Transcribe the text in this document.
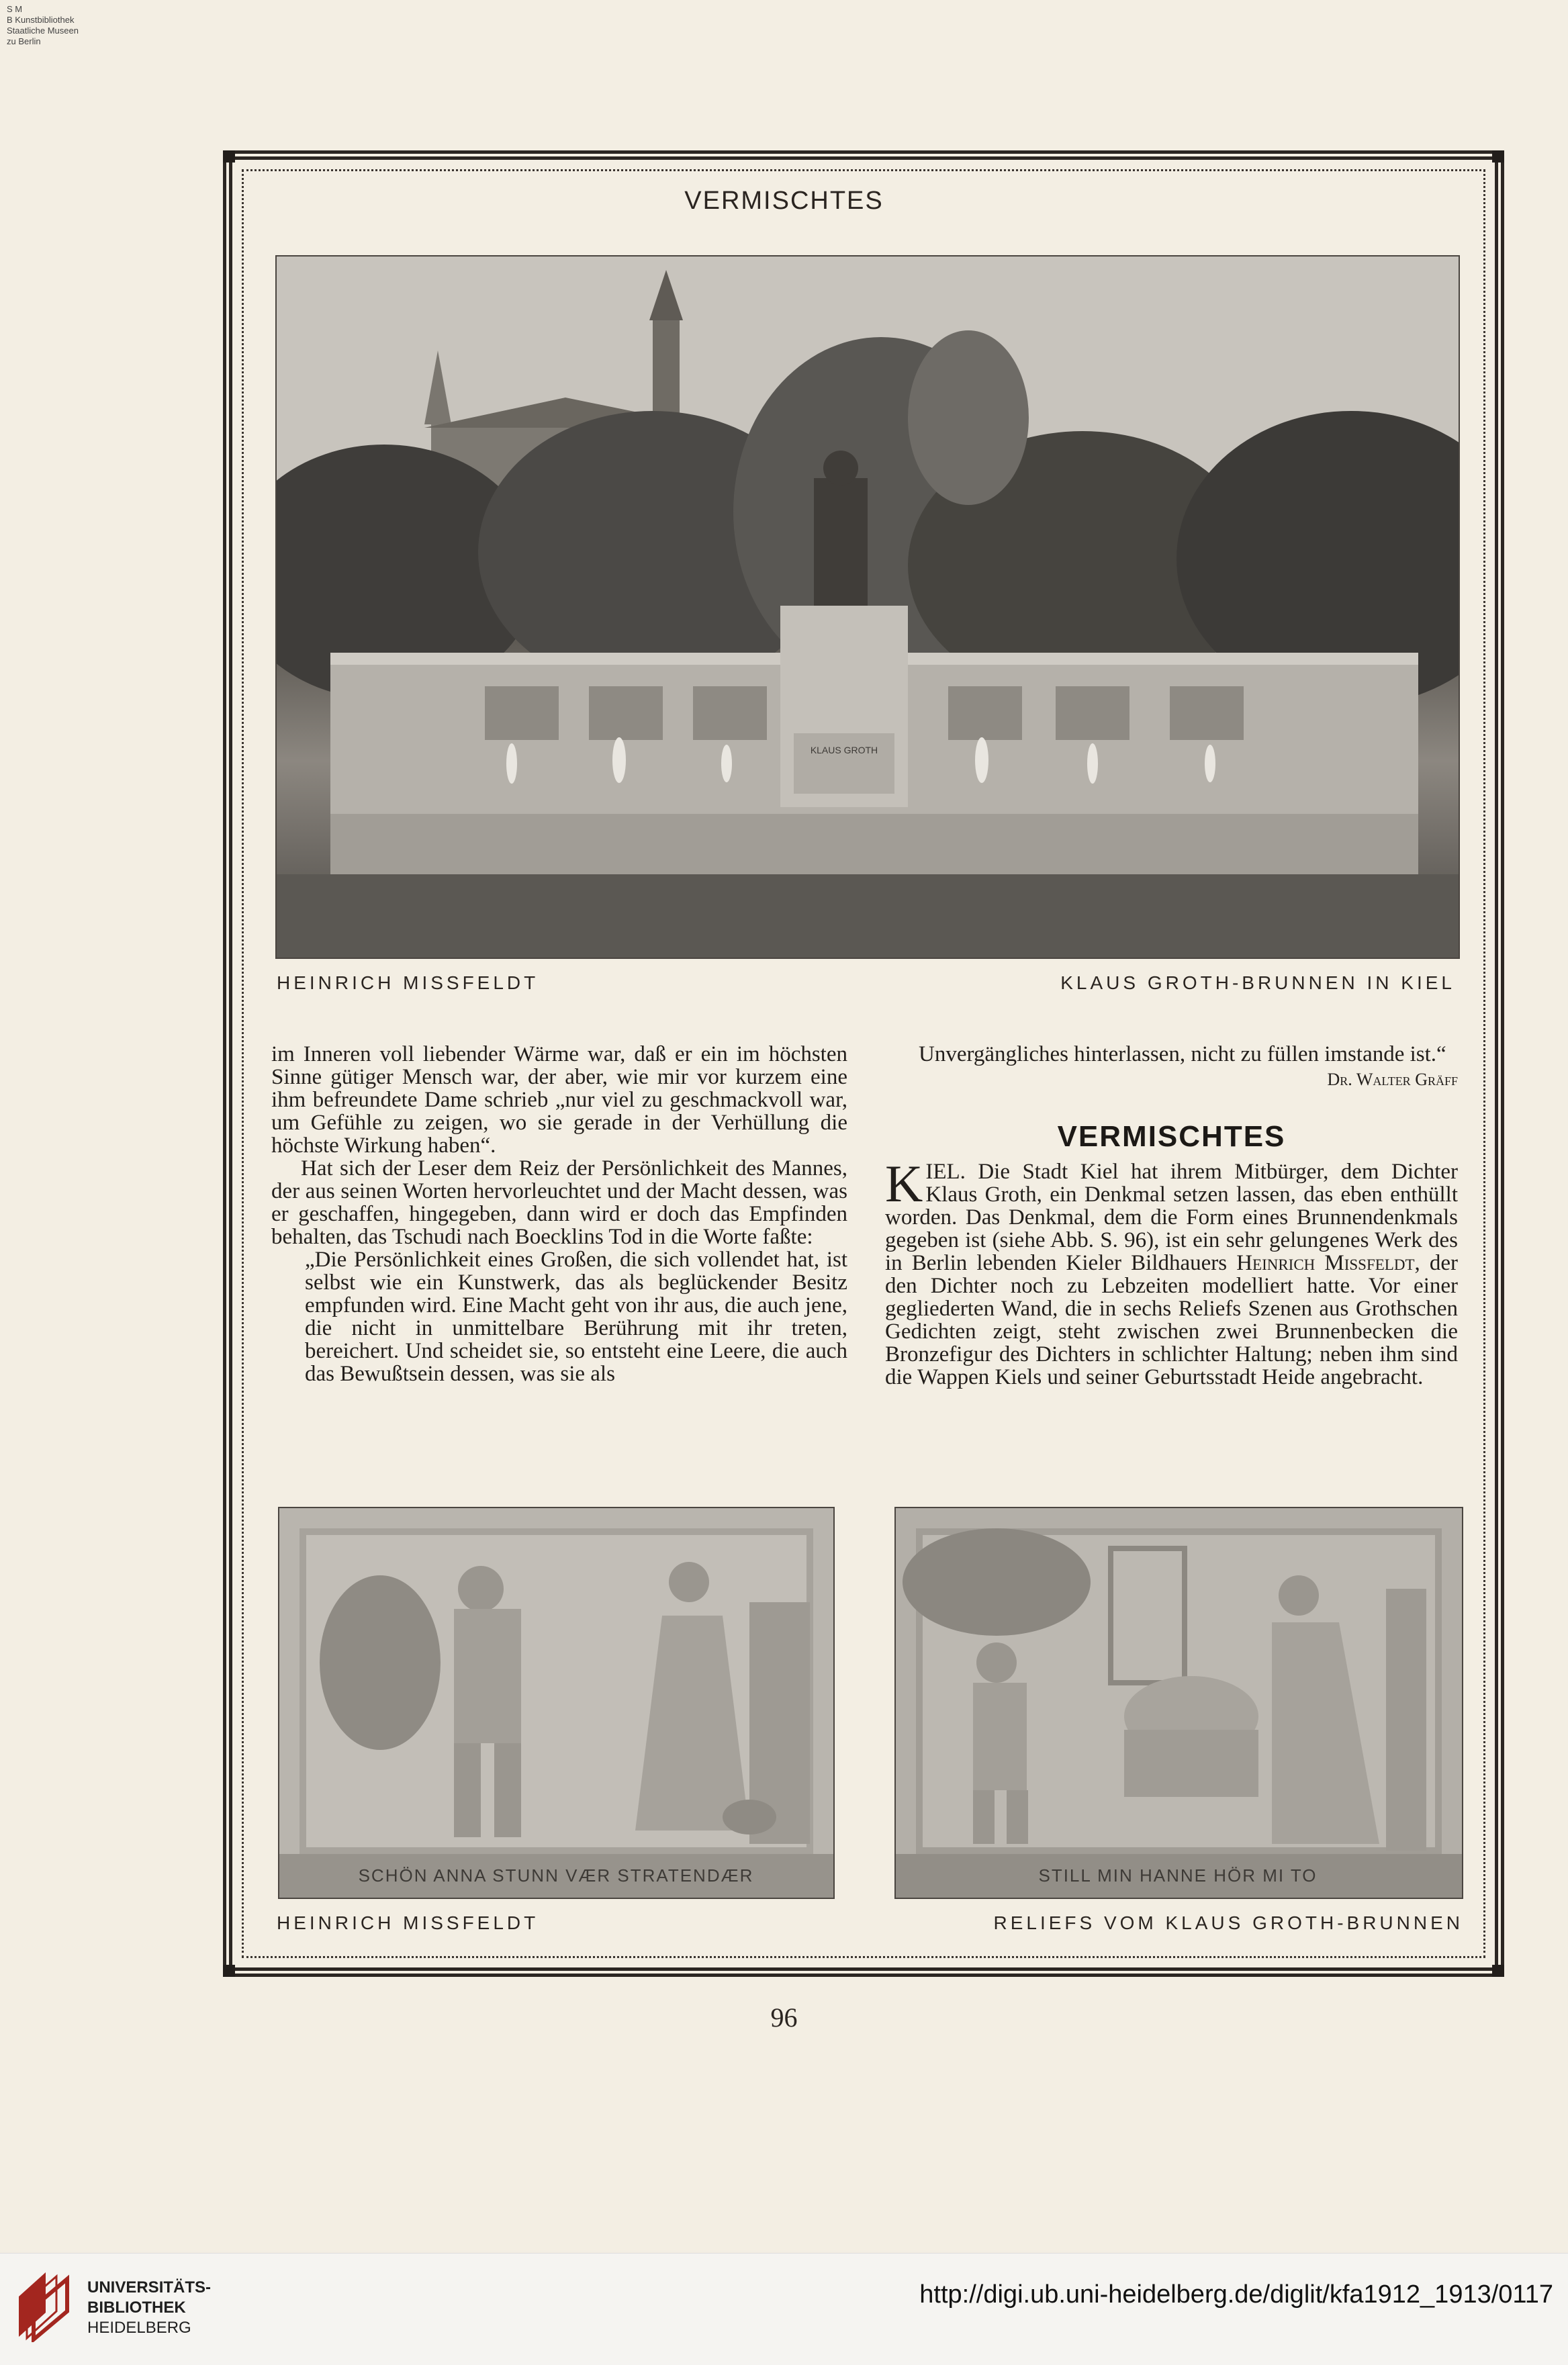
S M
B Kunstbibliothek
Staatliche Museen
zu Berlin
VERMISCHTES
KLAUS GROTH
HEINRICH MISSFELDT	KLAUS GROTH-BRUNNEN IN KIEL

im Inneren voll liebender Wärme war, daß er ein im höchsten Sinne gütiger Mensch war, der aber, wie mir vor kurzem eine ihm befreundete Dame schrieb „nur viel zu geschmackvoll war, um Gefühle zu zeigen, wo sie gerade in der Verhüllung die höchste Wirkung haben“.

Hat sich der Leser dem Reiz der Persönlichkeit des Mannes, der aus seinen Worten hervorleuchtet und der Macht dessen, was er geschaffen, hingegeben, dann wird er doch das Empfinden behalten, das Tschudi nach Boecklins Tod in die Worte faßte:

„Die Persönlichkeit eines Großen, die sich vollendet hat, ist selbst wie ein Kunstwerk, das als beglückender Besitz empfunden wird. Eine Macht geht von ihr aus, die auch jene, die nicht in unmittelbare Berührung mit ihr treten, bereichert. Und scheidet sie, so entsteht eine Leere, die auch das Bewußtsein dessen, was sie als

Unvergängliches hinterlassen, nicht zu füllen imstande ist.“
Dr. Walter Gräff

VERMISCHTES

KIEL. Die Stadt Kiel hat ihrem Mitbürger, dem Dichter Klaus Groth, ein Denkmal setzen lassen, das eben enthüllt worden. Das Denkmal, dem die Form eines Brunnendenkmals gegeben ist (siehe Abb. S. 96), ist ein sehr gelungenes Werk des in Berlin lebenden Kieler Bildhauers Heinrich Missfeldt, der den Dichter noch zu Lebzeiten modelliert hatte. Vor einer gegliederten Wand, die in sechs Reliefs Szenen aus Grothschen Gedichten zeigt, steht zwischen zwei Brunnenbecken die Bronzefigur des Dichters in schlichter Haltung; neben ihm sind die Wappen Kiels und seiner Geburtsstadt Heide angebracht.

SCHÖN ANNA STUNN VÆR STRATENDÆR	STILL MIN HANNE HÖR MI TO
HEINRICH MISSFELDT	RELIEFS VOM KLAUS GROTH-BRUNNEN
96
UNIVERSITÄTS-
BIBLIOTHEK
HEIDELBERG
http://digi.ub.uni-heidelberg.de/diglit/kfa1912_1913/0117
